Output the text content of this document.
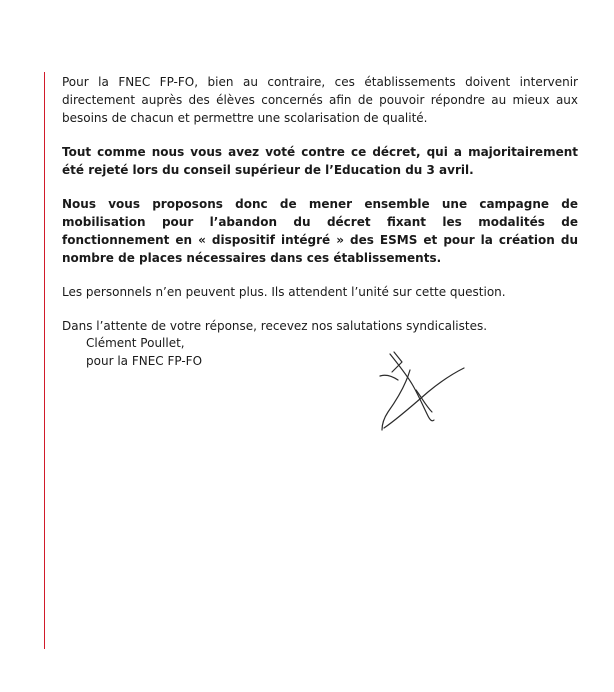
Pour la FNEC FP-FO, bien au contraire, ces établissements doivent intervenir directement auprès des élèves concernés afin de pouvoir répondre au mieux aux besoins de chacun et permettre une scolarisation de qualité.

Tout comme nous vous avez voté contre ce décret, qui a majoritairement été rejeté lors du conseil supérieur de l’Education du 3 avril.

Nous vous proposons donc de mener ensemble une campagne de mobilisation pour l’abandon du décret fixant les modalités de fonctionnement en « dispositif intégré » des ESMS et pour la création du nombre de places nécessaires dans ces établissements.

Les personnels n’en peuvent plus. Ils attendent l’unité sur cette question.

Dans l’attente de votre réponse, recevez nos salutations syndicalistes.

Clément Poullet,
pour la FNEC FP-FO
